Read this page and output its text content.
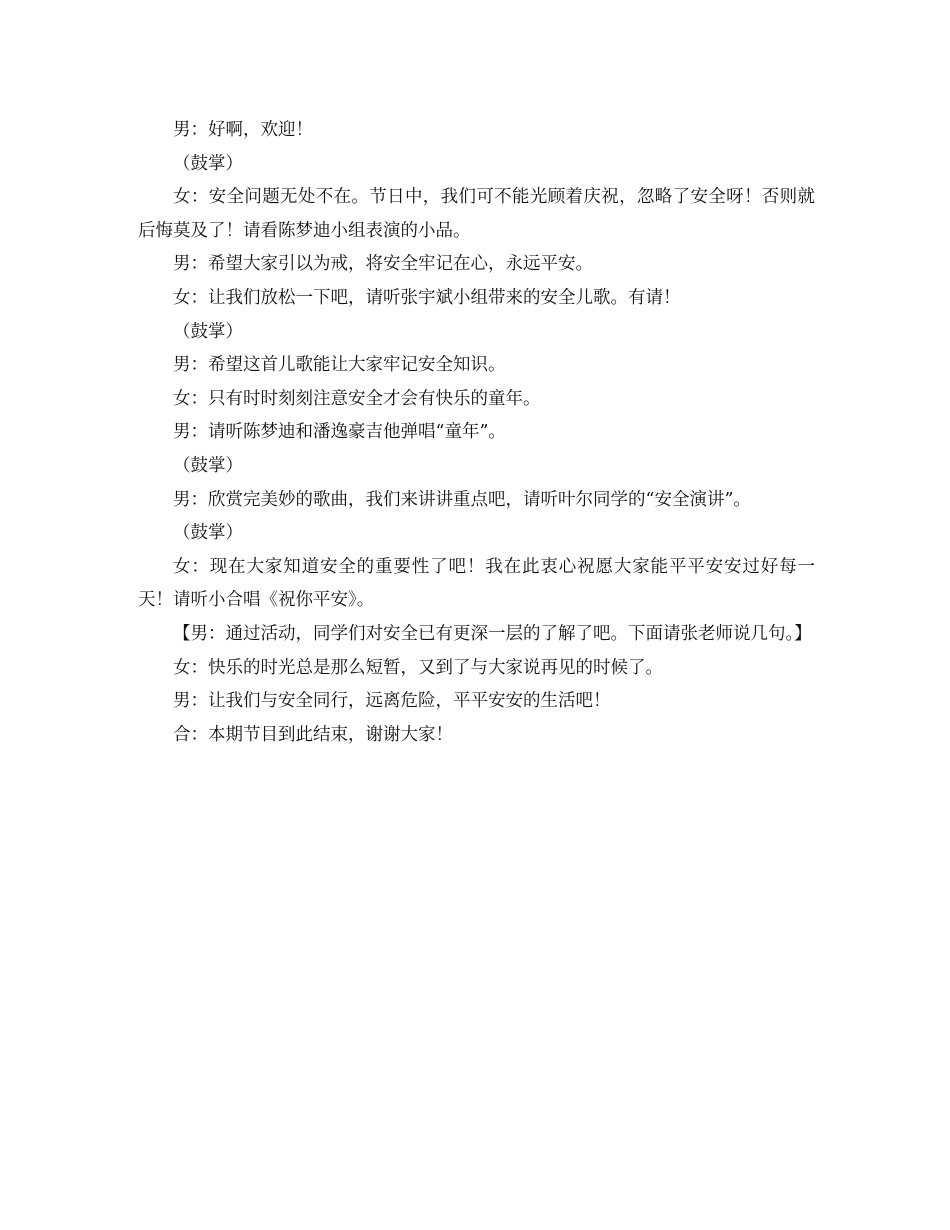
男：好啊，欢迎！

（鼓掌）

女：安全问题无处不在。节日中，我们可不能光顾着庆祝，忽略了安全呀！否则就后悔莫及了！请看陈梦迪小组表演的小品。

男：希望大家引以为戒，将安全牢记在心，永远平安。

女：让我们放松一下吧，请听张宇斌小组带来的安全儿歌。有请！

（鼓掌）

男：希望这首儿歌能让大家牢记安全知识。

女：只有时时刻刻注意安全才会有快乐的童年。

男：请听陈梦迪和潘逸豪吉他弹唱“童年”。

（鼓掌）

男：欣赏完美妙的歌曲，我们来讲讲重点吧，请听叶尔同学的“安全演讲”。

（鼓掌）

女：现在大家知道安全的重要性了吧！我在此衷心祝愿大家能平平安安过好每一天！请听小合唱《祝你平安》。

【男：通过活动，同学们对安全已有更深一层的了解了吧。下面请张老师说几句。】

女：快乐的时光总是那么短暂，又到了与大家说再见的时候了。

男：让我们与安全同行，远离危险，平平安安的生活吧！

合：本期节目到此结束，谢谢大家！
